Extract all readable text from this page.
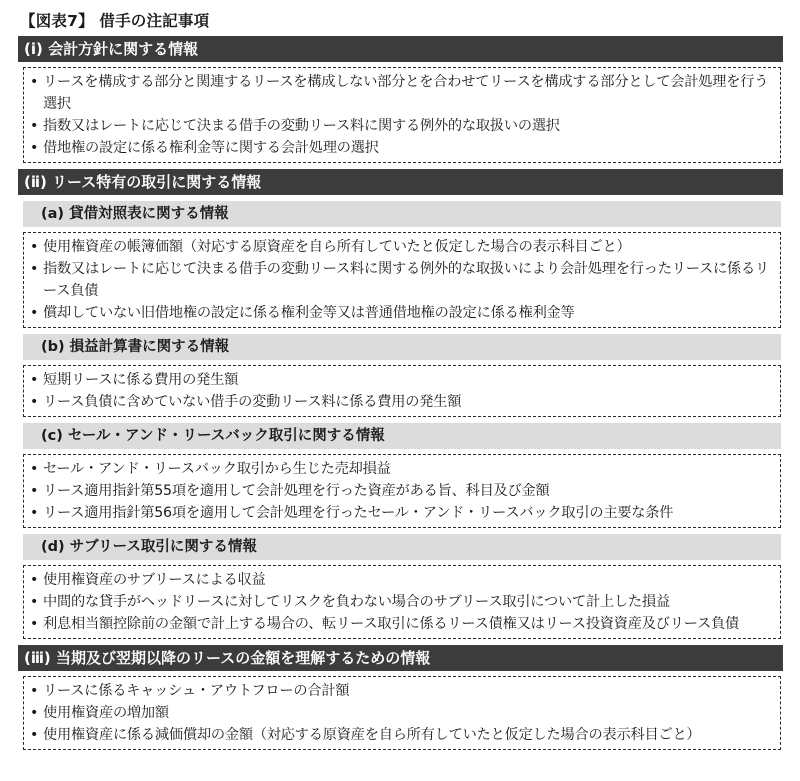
【図表7】 借手の注記事項
(ⅰ) 会計方針に関する情報
• リースを構成する部分と関連するリースを構成しない部分とを合わせてリースを構成する部分として会計処理を行う選択
• 指数又はレートに応じて決まる借手の変動リース料に関する例外的な取扱いの選択
• 借地権の設定に係る権利金等に関する会計処理の選択
(ⅱ) リース特有の取引に関する情報
(a) 貸借対照表に関する情報
• 使用権資産の帳簿価額（対応する原資産を自ら所有していたと仮定した場合の表示科目ごと）
• 指数又はレートに応じて決まる借手の変動リース料に関する例外的な取扱いにより会計処理を行ったリースに係るリース負債
• 償却していない旧借地権の設定に係る権利金等又は普通借地権の設定に係る権利金等
(b) 損益計算書に関する情報
• 短期リースに係る費用の発生額
• リース負債に含めていない借手の変動リース料に係る費用の発生額
(c) セール・アンド・リースバック取引に関する情報
• セール・アンド・リースバック取引から生じた売却損益
• リース適用指針第55項を適用して会計処理を行った資産がある旨、科目及び金額
• リース適用指針第56項を適用して会計処理を行ったセール・アンド・リースバック取引の主要な条件
(d) サブリース取引に関する情報
• 使用権資産のサブリースによる収益
• 中間的な貸手がヘッドリースに対してリスクを負わない場合のサブリース取引について計上した損益
• 利息相当額控除前の金額で計上する場合の、転リース取引に係るリース債権又はリース投資資産及びリース負債
(ⅲ) 当期及び翌期以降のリースの金額を理解するための情報
• リースに係るキャッシュ・アウトフローの合計額
• 使用権資産の増加額
• 使用権資産に係る減価償却の金額（対応する原資産を自ら所有していたと仮定した場合の表示科目ごと）
